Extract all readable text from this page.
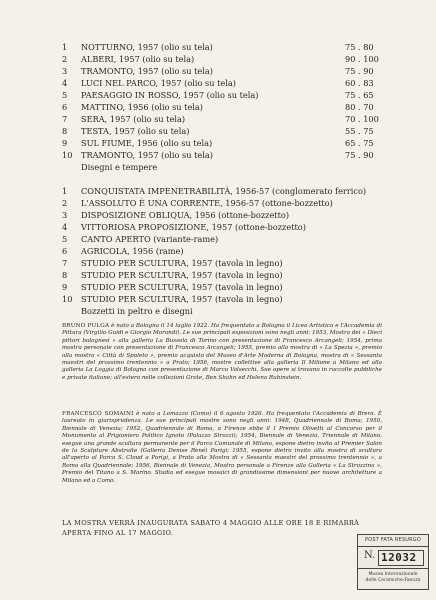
1	NOTTURNO, 1957 (olio su tela)	75 . 80
2	ALBERI, 1957 (olio su tela)	90 . 100
3	TRAMONTO, 1957 (olio su tela)	75 . 90
4	LUCI NEL PARCO, 1957 (olio su tela)	60 . 83
5	PAESAGGIO IN ROSSO, 1957 (olio su tela)	75 . 65
6	MATTINO, 1956 (olio su tela)	80 . 70
7	SERA, 1957 (olio su tela)	70 . 100
8	TESTA, 1957 (olio su tela)	55 . 75
9	SUL FIUME, 1956 (olio su tela)	65 . 75
10	TRAMONTO, 1957 (olio su tela)	75 . 90
Disegni e tempere
1	CONQUISTATA IMPENETRABILITÀ, 1956-57 (conglomerato ferrico)
2	L'ASSOLUTO È UNA CORRENTE, 1956-57 (ottone-bozzetto)
3	DISPOSIZIONE OBLIQUA, 1956 (ottone-bozzetto)
4	VITTORIOSA PROPOSIZIONE, 1957 (ottone-bozzetto)
5	CANTO APERTO (variante-rame)
6	AGRICOLA, 1956 (rame)
7	STUDIO PER SCULTURA, 1957 (tavola in legno)
8	STUDIO PER SCULTURA, 1957 (tavola in legno)
9	STUDIO PER SCULTURA, 1957 (tavola in legno)
10	STUDIO PER SCULTURA, 1957 (tavola in legno)
Bozzetti in peltro e disegni

BRUNO PULGA è nato a Bologna il 14 luglio 1922. Ha frequentato a Bologna il Liceo Artistico e l'Accademia di Pittura (Virgilio Guidi e Giorgio Morandi). Le sue principali esposizioni sono negli anni: 1953, Mostra dei « Dieci pittori bolognesi » alla galleria La Bussola di Torino con presentazione di Francesco Arcangeli; 1954, prima mostra personale con presentazione di Francesco Arcangeli; 1955, premio alla mostra di « La Spezia », premio alla mostra « Città di Spoleto », premio acquisto del Museo d'Arte Moderna di Bologna, mostra di « Sessanta maestri del prossimo trentennio » a Prato; 1956, mostre collettive alla galleria Il Milione a Milano ed alla galleria La Loggia di Bologna con presentazione di Marco Valsecchi. Sue opere si trovano in raccolte pubbliche e private italiane; all'estero nelle collezioni Grote, Ben Shahn ed Helena Rubinstein.

FRANCESCO SOMAINI è nato a Lomazzo (Como) il 6 agosto 1926. Ha frequentato l'Accademia di Brera. È laureato in giurisprudenza. Le sue principali mostre sono negli anni: 1948, Quadriennale di Roma; 1950, Biennale di Venezia; 1952, Quadriennale di Roma, a Firenze ebbe il I Premio Olivetti al Concorso per il Monumento al Prigioniero Politico Ignoto (Palazzo Strozzi); 1954, Biennale di Venezia, Triennale di Milano, esegue una grande scultura permanente per il Parco Comunale di Milano, espone dietro invito al Premier Salon de la Sculpture Abstraite (Galleria Denise René) Parigi; 1955, espone dietro invito alla mostra di scultura all'aperto al Parco S. Cloud a Parigi, a Prato alla Mostra di « Sessanta maestri del prossimo trentennio », a Roma alla Quadriennale; 1956, Biennale di Venezia, Mostra personale a Firenze alla Galleria « La Strozzina », Premio del Titano a S. Marino. Studia ed esegue mosaici di grandissime dimensioni per nuove architetture a Milano ed a Como.

LA MOSTRA VERRÀ INAUGURATA SABATO 4 MAGGIO ALLE ORE 18 E RIMARRÀ APERTA FINO AL 17 MAGGIO.

POST FATA RESURGO
N. 12032
Museo Internazionale
delle Ceramiche-Faenza
